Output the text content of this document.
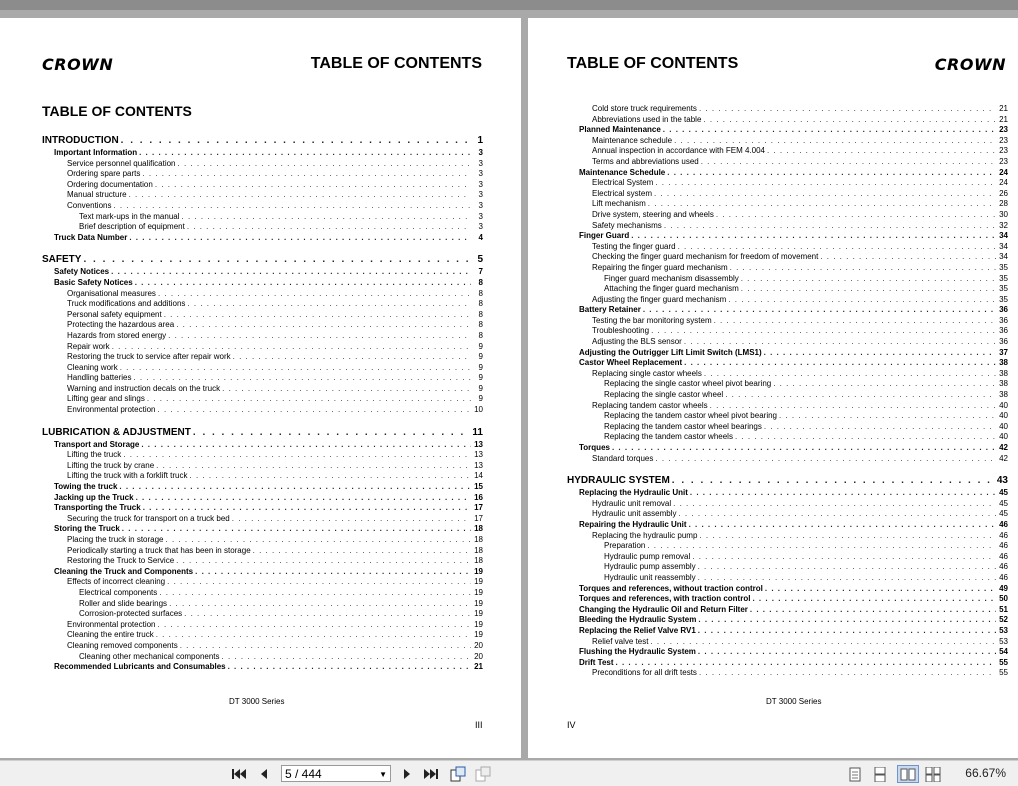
CROWN	TABLE OF CONTENTS
TABLE OF CONTENTS
INTRODUCTION . . .	1
Important Information . . .	3
Service personnel qualification . . .	3
Ordering spare parts . . .	3
Ordering documentation . . .	3
Manual structure . . .	3
Conventions . . .	3
Text mark-ups in the manual . . .	3
Brief description of equipment . . .	3
Truck Data Number . . .	4
SAFETY . . .	5
Safety Notices . . .	7
Basic Safety Notices . . .	8
Organisational measures . . .	8
Truck modifications and additions . . .	8
Personal safety equipment . . .	8
Protecting the hazardous area . . .	8
Hazards from stored energy . . .	8
Repair work . . .	9
Restoring the truck to service after repair work . . .	9
Cleaning work . . .	9
Handling batteries . . .	9
Warning and instruction decals on the truck . . .	9
Lifting gear and slings . . .	9
Environmental protection . . .	10
LUBRICATION & ADJUSTMENT . . .	11
Transport and Storage . . .	13
Lifting the truck . . .	13
Lifting the truck by crane . . .	13
Lifting the truck with a forklift truck . . .	14
Towing the truck . . .	15
Jacking up the Truck . . .	16
Transporting the Truck . . .	17
Securing the truck for transport on a truck bed . . .	17
Storing the Truck . . .	18
Placing the truck in storage . . .	18
Periodically starting a truck that has been in storage . . .	18
Restoring the Truck to Service . . .	18
Cleaning the Truck and Components . . .	19
Effects of incorrect cleaning . . .	19
Electrical components . . .	19
Roller and slide bearings . . .	19
Corrosion-protected surfaces . . .	19
Environmental protection . . .	19
Cleaning the entire truck . . .	19
Cleaning removed components . . .	20
Cleaning other mechanical components . . .	20
Recommended Lubricants and Consumables . . .	21
DT 3000 Series
III
TABLE OF CONTENTS	CROWN
Cold store truck requirements . . .	21
Abbreviations used in the table . . .	21
Planned Maintenance . . .	23
Maintenance schedule . . .	23
Annual inspection in accordance with FEM 4.004 . . .	23
Terms and abbreviations used . . .	23
Maintenance Schedule . . .	24
Electrical System . . .	24
Electrical system . . .	26
Lift mechanism . . .	28
Drive system, steering and wheels . . .	30
Safety mechanisms . . .	32
Finger Guard . . .	34
Testing the finger guard . . .	34
Checking the finger guard mechanism for freedom of movement . . .	34
Repairing the finger guard mechanism . . .	35
Finger guard mechanism disassembly . . .	35
Attaching the finger guard mechanism . . .	35
Adjusting the finger guard mechanism . . .	35
Battery Retainer . . .	36
Testing the bar monitoring system . . .	36
Troubleshooting . . .	36
Adjusting the BLS sensor . . .	36
Adjusting the Outrigger Lift Limit Switch (LMS1) . . .	37
Castor Wheel Replacement . . .	38
Replacing single castor wheels . . .	38
Replacing the single castor wheel pivot bearing . . .	38
Replacing the single castor wheel . . .	38
Replacing tandem castor wheels . . .	40
Replacing the tandem castor wheel pivot bearing . . .	40
Replacing the tandem castor wheel bearings . . .	40
Replacing the tandem castor wheels . . .	40
Torques . . .	42
Standard torques . . .	42
HYDRAULIC SYSTEM . . .	43
Replacing the Hydraulic Unit . . .	45
Hydraulic unit removal . . .	45
Hydraulic unit assembly . . .	45
Repairing the Hydraulic Unit . . .	46
Replacing the hydraulic pump . . .	46
Preparation . . .	46
Hydraulic pump removal . . .	46
Hydraulic pump assembly . . .	46
Hydraulic unit reassembly . . .	46
Torques and references, without traction control . . .	49
Torques and references, with traction control . . .	50
Changing the Hydraulic Oil and Return Filter . . .	51
Bleeding the Hydraulic System . . .	52
Replacing the Relief Valve RV1 . . .	53
Relief valve test . . .	53
Flushing the Hydraulic System . . .	54
Drift Test . . .	55
Preconditions for all drift tests . . .	55
DT 3000 Series
IV
5 / 444	▼	66.67%
